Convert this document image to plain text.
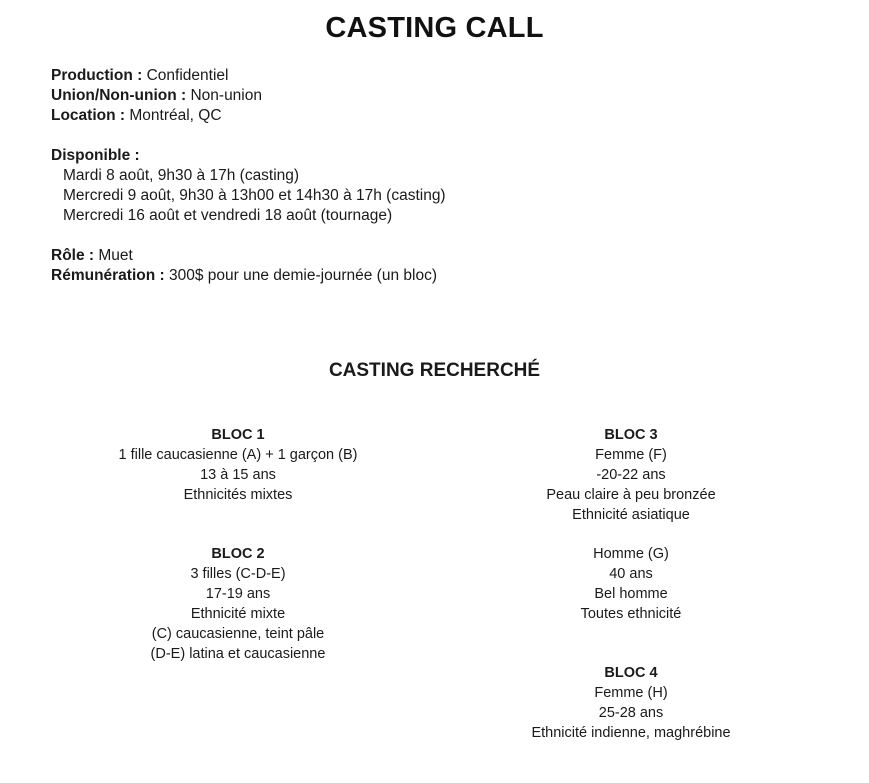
CASTING CALL
Production : Confidentiel
Union/Non-union : Non-union
Location : Montréal, QC
Disponible :
Mardi 8 août, 9h30 à 17h (casting)
Mercredi 9 août, 9h30 à 13h00 et 14h30 à 17h (casting)
Mercredi 16 août et vendredi 18 août (tournage)
Rôle : Muet
Rémunération : 300$ pour une demie-journée (un bloc)
CASTING RECHERCHÉ
BLOC 1
1 fille caucasienne (A) + 1 garçon (B)
13 à 15 ans
Ethnicités mixtes
BLOC 2
3 filles (C-D-E)
17-19 ans
Ethnicité mixte
(C) caucasienne, teint pâle
(D-E) latina et caucasienne
BLOC 3
Femme (F)
-20-22 ans
Peau claire à peu bronzée
Ethnicité asiatique
Homme (G)
40 ans
Bel homme
Toutes ethnicité
BLOC 4
Femme (H)
25-28 ans
Ethnicité indienne, maghrébine
